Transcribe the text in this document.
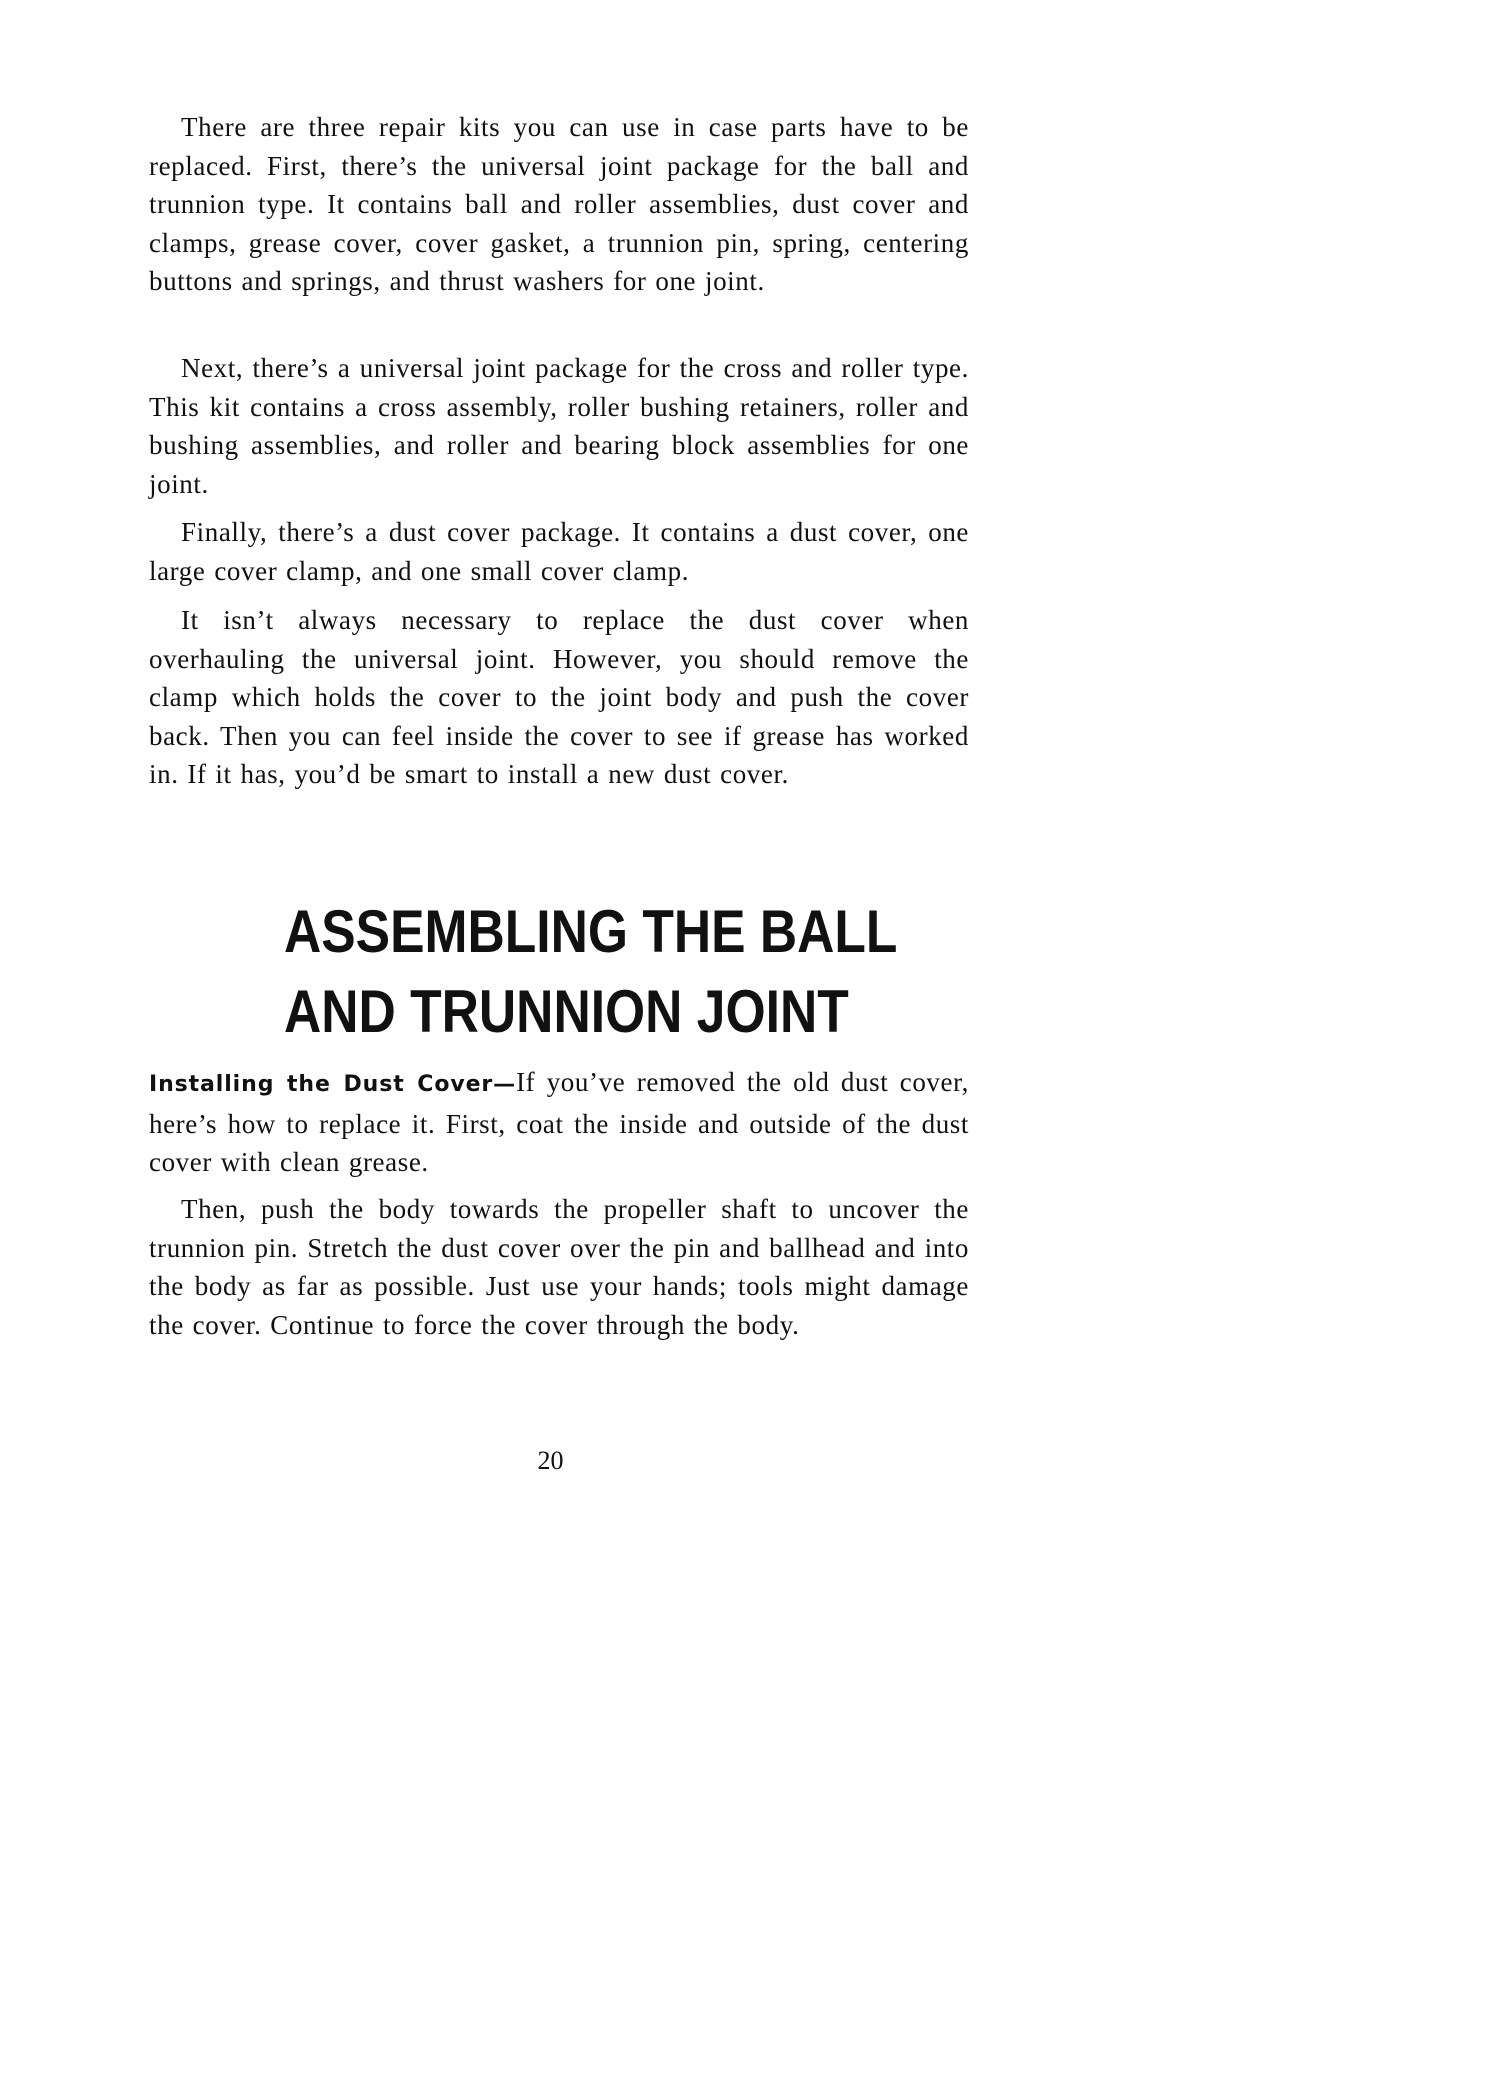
There are three repair kits you can use in case parts have to be replaced. First, there’s the universal joint package for the ball and trunnion type. It contains ball and roller assemblies, dust cover and clamps, grease cover, cover gasket, a trunnion pin, spring, centering buttons and springs, and thrust washers for one joint.

Next, there’s a universal joint package for the cross and roller type. This kit contains a cross assembly, roller bushing retainers, roller and bushing assemblies, and roller and bearing block assemblies for one joint.

Finally, there’s a dust cover package. It contains a dust cover, one large cover clamp, and one small cover clamp.

It isn’t always necessary to replace the dust cover when overhauling the universal joint. However, you should remove the clamp which holds the cover to the joint body and push the cover back. Then you can feel inside the cover to see if grease has worked in. If it has, you’d be smart to install a new dust cover.

ASSEMBLING THE BALL
AND TRUNNION JOINT

Installing the Dust Cover—If you’ve removed the old dust cover, here’s how to replace it. First, coat the inside and outside of the dust cover with clean grease.

Then, push the body towards the propeller shaft to uncover the trunnion pin. Stretch the dust cover over the pin and ballhead and into the body as far as possible. Just use your hands; tools might damage the cover. Continue to force the cover through the body.

20
